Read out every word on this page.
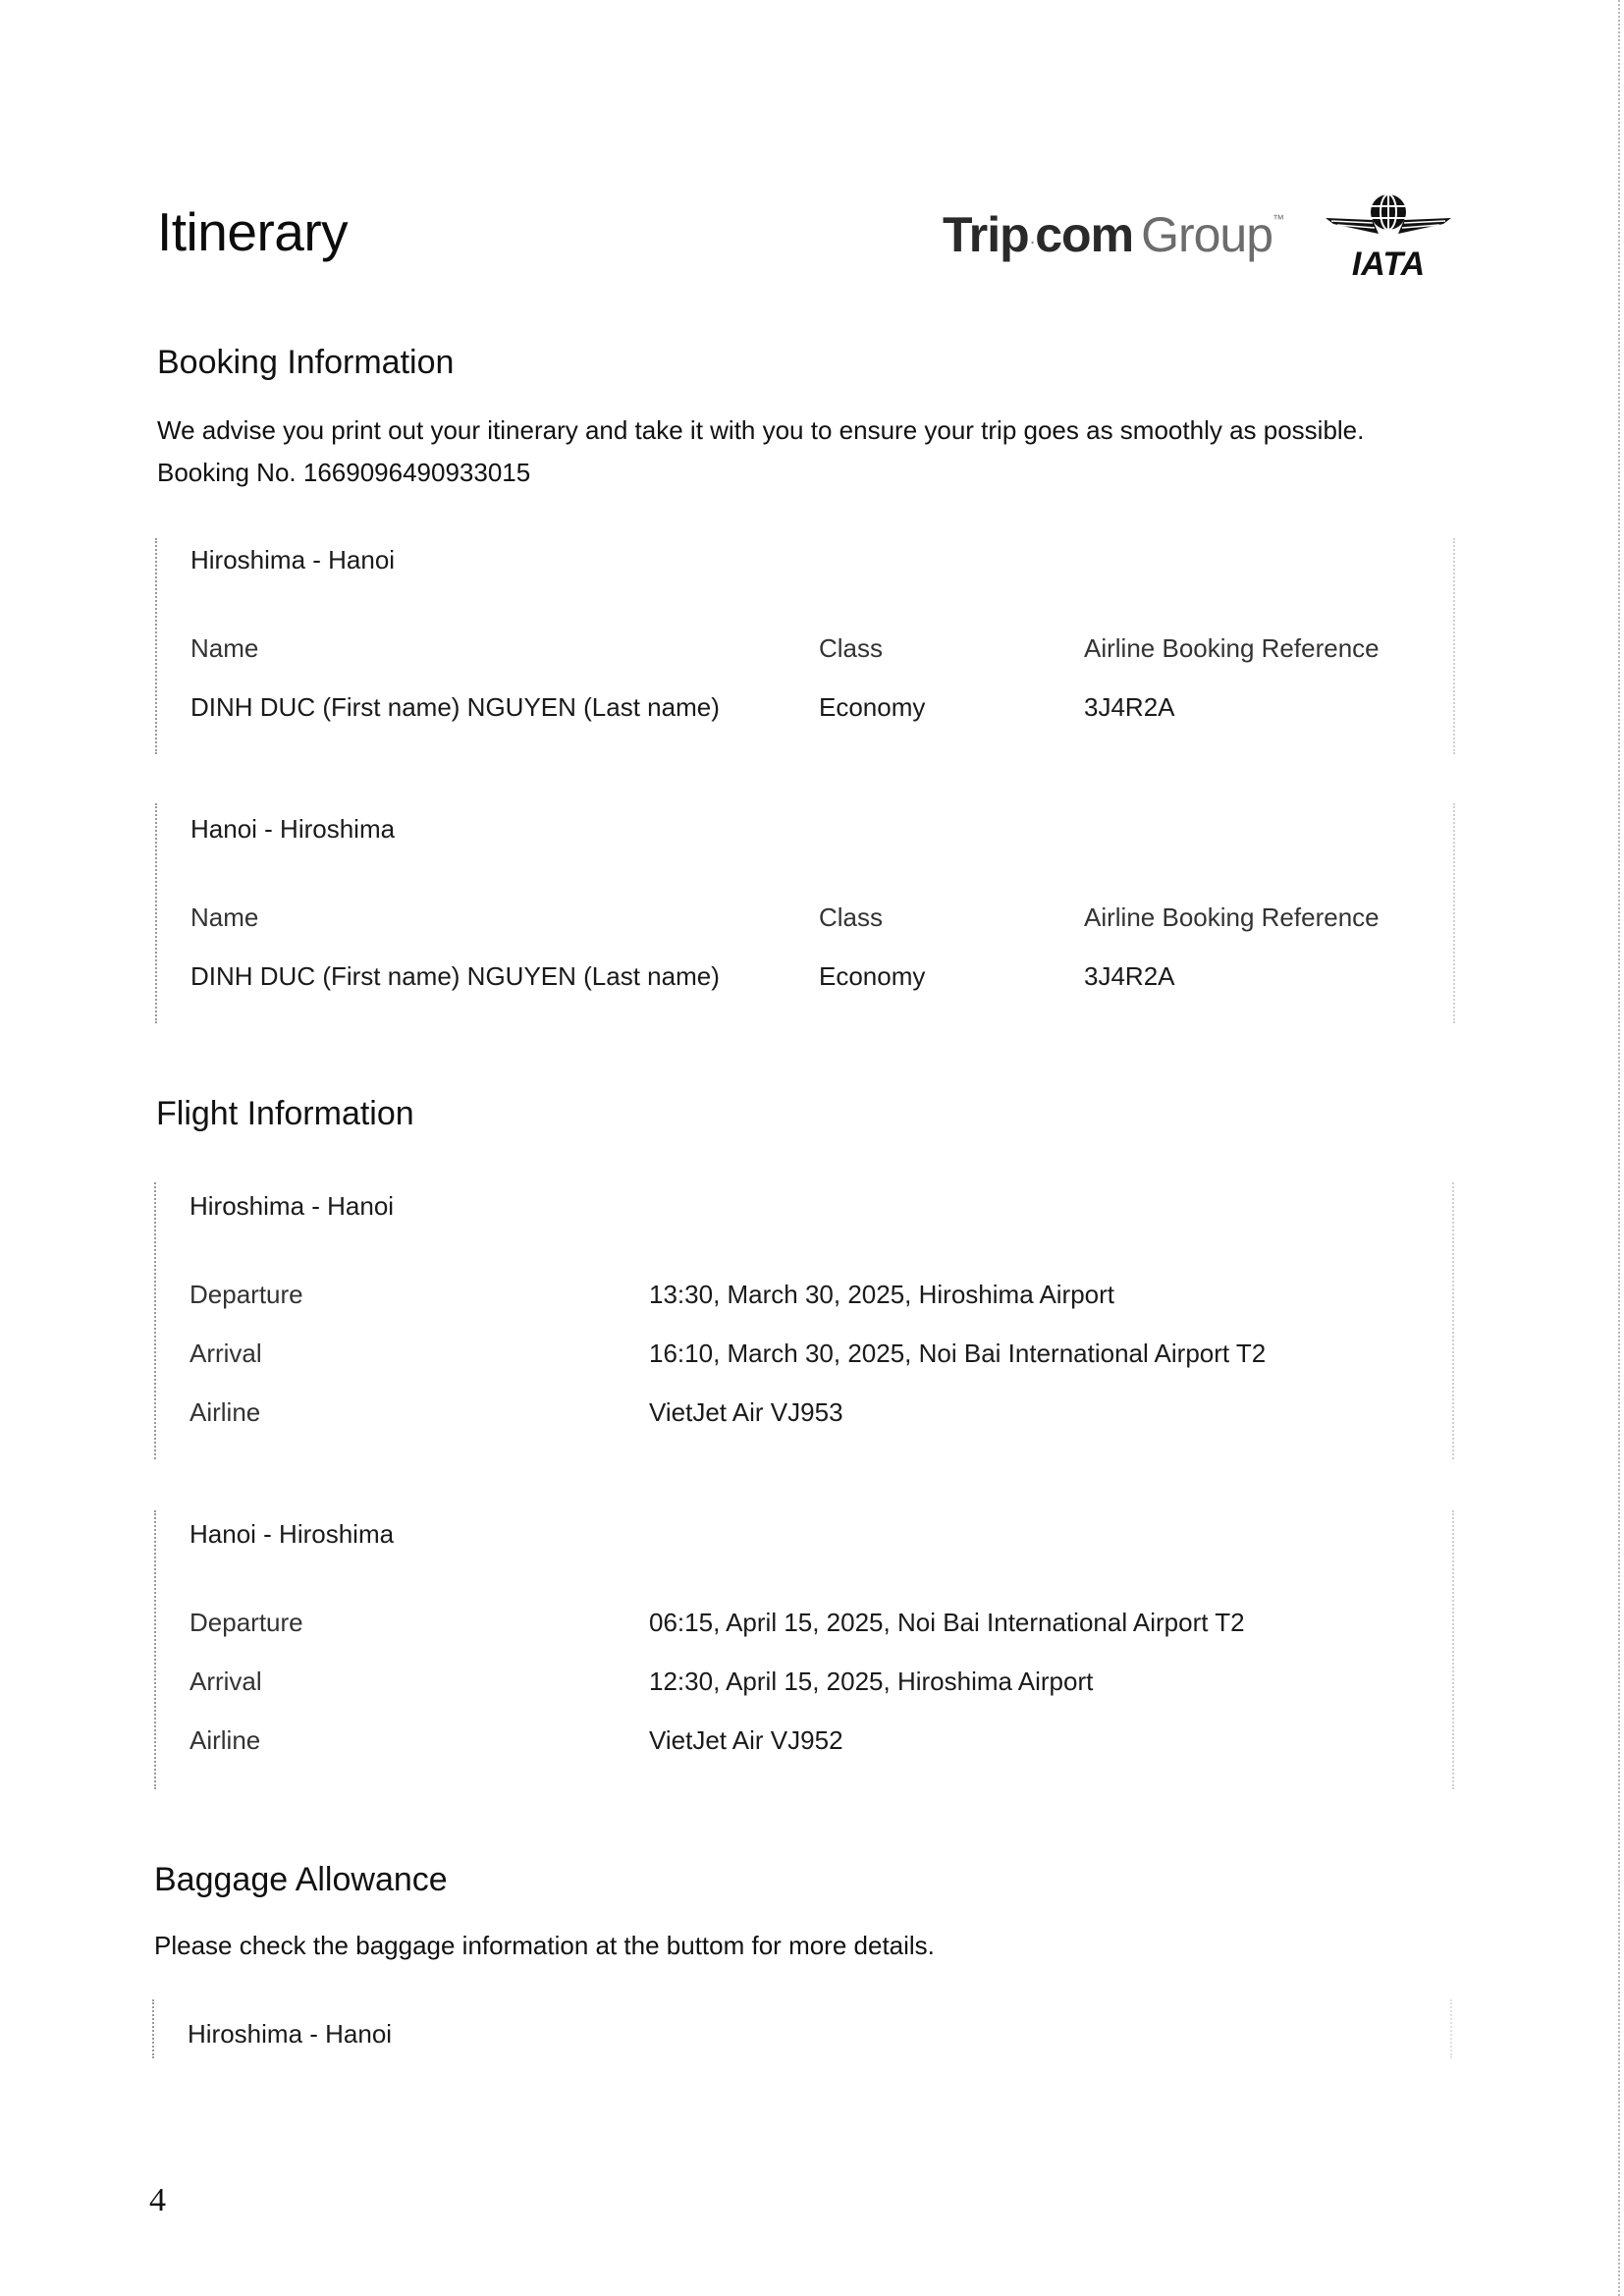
Itinerary	Trip.com Group™
IATA
Booking Information
We advise you print out your itinerary and take it with you to ensure your trip goes as smoothly as possible.
Booking No. 1669096490933015
Hiroshima - Hanoi
Name	Class	Airline Booking Reference
DINH DUC (First name) NGUYEN (Last name)	Economy	3J4R2A
Hanoi - Hiroshima
Name	Class	Airline Booking Reference
DINH DUC (First name) NGUYEN (Last name)	Economy	3J4R2A
Flight Information
Hiroshima - Hanoi
Departure	13:30, March 30, 2025, Hiroshima Airport
Arrival	16:10, March 30, 2025, Noi Bai International Airport T2
Airline	VietJet Air VJ953
Hanoi - Hiroshima
Departure	06:15, April 15, 2025, Noi Bai International Airport T2
Arrival	12:30, April 15, 2025, Hiroshima Airport
Airline	VietJet Air VJ952
Baggage Allowance
Please check the baggage information at the buttom for more details.
Hiroshima - Hanoi
4
